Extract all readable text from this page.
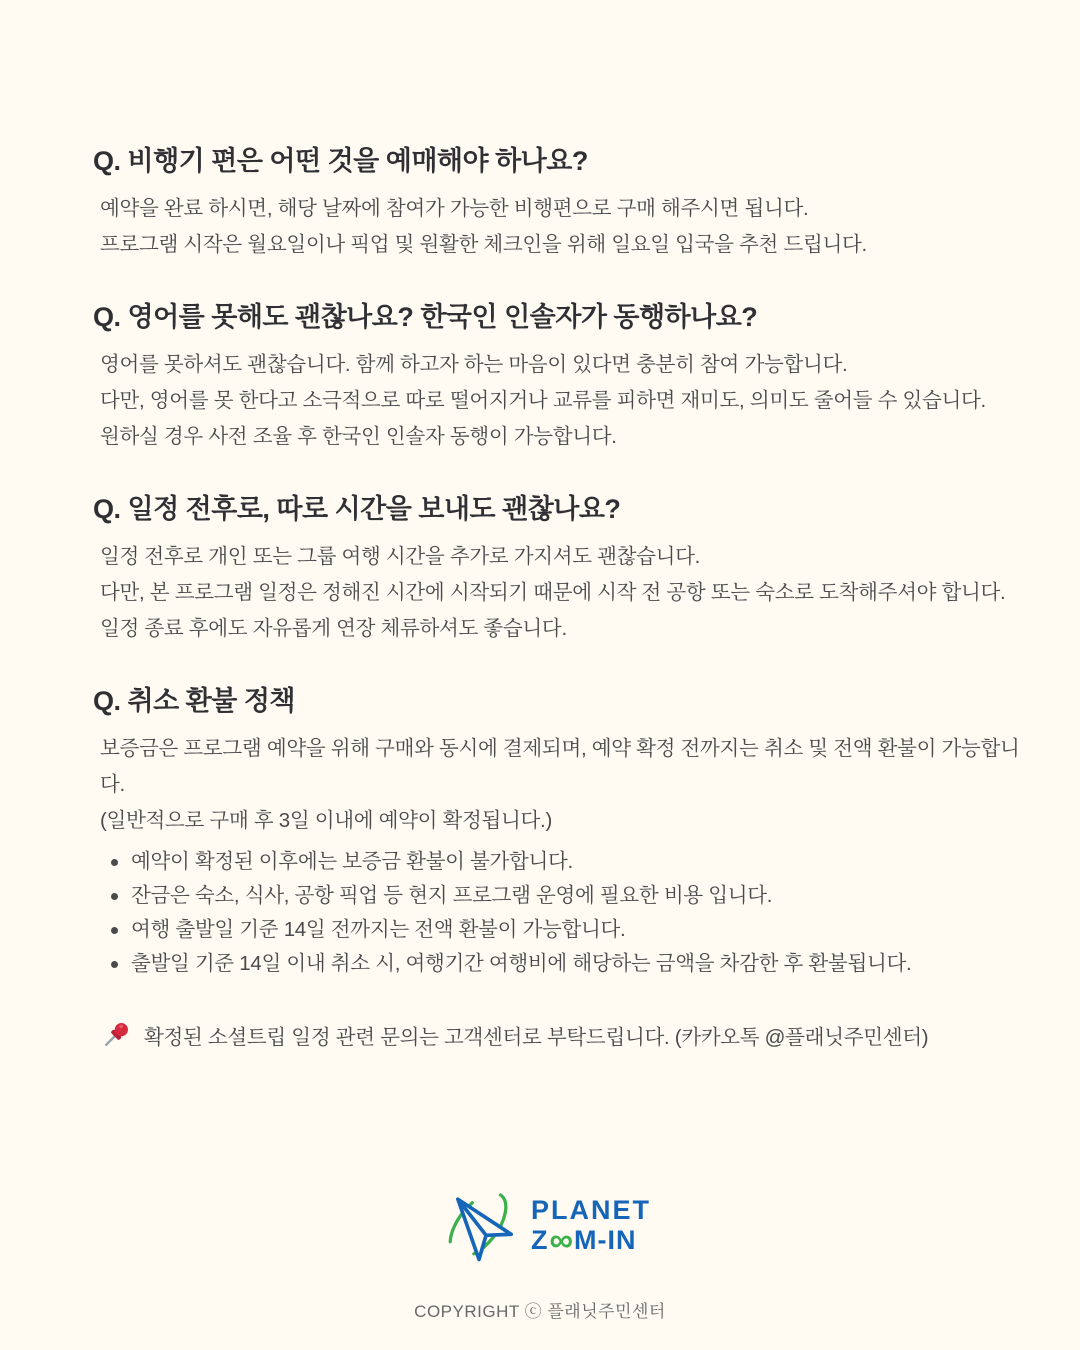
Q. 비행기 편은 어떤 것을 예매해야 하나요?
예약을 완료 하시면, 해당 날짜에 참여가 가능한 비행편으로 구매 해주시면 됩니다.
프로그램 시작은 월요일이나 픽업 및 원활한 체크인을 위해 일요일 입국을 추천 드립니다.
Q. 영어를 못해도 괜찮나요? 한국인 인솔자가 동행하나요?
영어를 못하셔도 괜찮습니다. 함께 하고자 하는 마음이 있다면 충분히 참여 가능합니다.
다만, 영어를 못 한다고 소극적으로 따로 떨어지거나 교류를 피하면 재미도, 의미도 줄어들 수 있습니다.
원하실 경우 사전 조율 후 한국인 인솔자 동행이 가능합니다.
Q. 일정 전후로, 따로 시간을 보내도 괜찮나요?
일정 전후로 개인 또는 그룹 여행 시간을 추가로 가지셔도 괜찮습니다.
다만, 본 프로그램 일정은 정해진 시간에 시작되기 때문에 시작 전 공항 또는 숙소로 도착해주셔야 합니다.
일정 종료 후에도 자유롭게 연장 체류하셔도 좋습니다.
Q. 취소 환불 정책
보증금은 프로그램 예약을 위해 구매와 동시에 결제되며, 예약 확정 전까지는 취소 및 전액 환불이 가능합니다.
(일반적으로 구매 후 3일 이내에 예약이 확정됩니다.)
예약이 확정된 이후에는 보증금 환불이 불가합니다.
잔금은 숙소, 식사, 공항 픽업 등 현지 프로그램 운영에 필요한 비용 입니다.
여행 출발일 기준 14일 전까지는 전액 환불이 가능합니다.
출발일 기준 14일 이내 취소 시, 여행기간 여행비에 해당하는 금액을 차감한 후 환불됩니다.
확정된 소셜트립 일정 관련 문의는 고객센터로 부탁드립니다. (카카오톡 @플래닛주민센터)
PLANET
Z ∞ M-IN
COPYRIGHT ⓒ 플래닛주민센터
